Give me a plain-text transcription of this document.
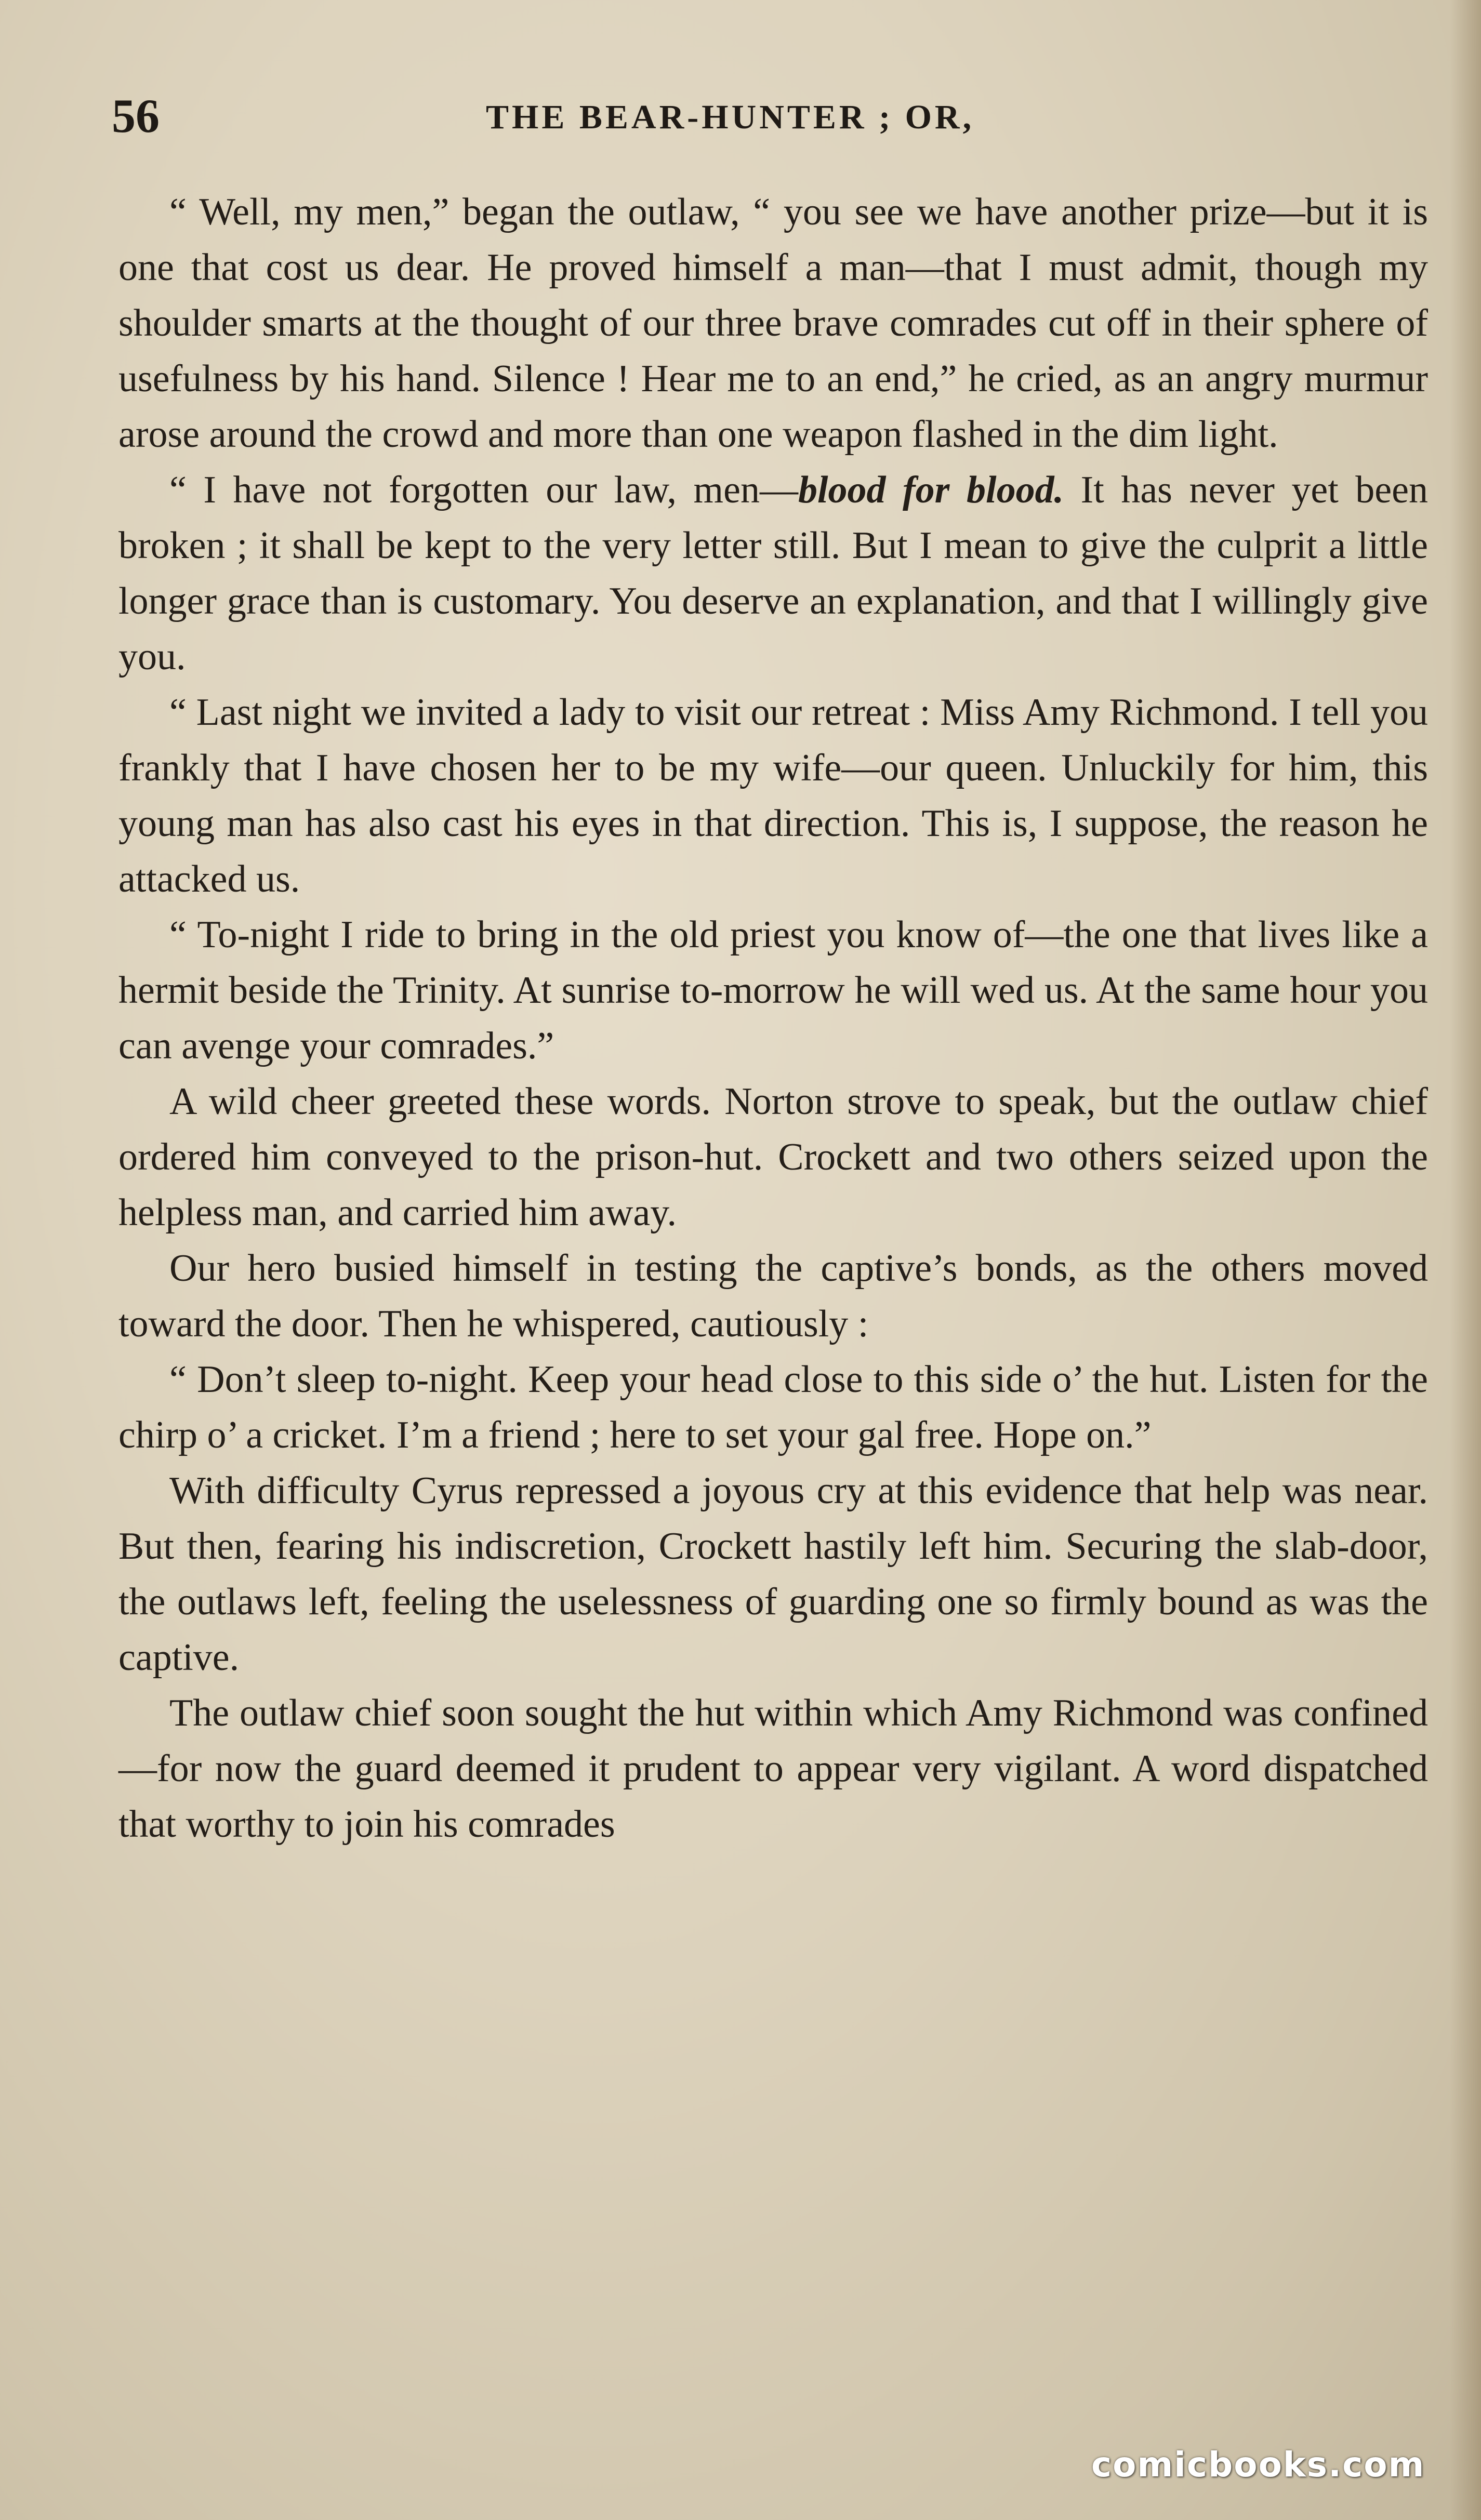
56	THE BEAR-HUNTER ; OR,

“ Well, my men,” began the outlaw, “ you see we have another prize—but it is one that cost us dear. He proved himself a man—that I must admit, though my shoulder smarts at the thought of our three brave comrades cut off in their sphere of usefulness by his hand. Silence ! Hear me to an end,” he cried, as an angry murmur arose around the crowd and more than one weapon flashed in the dim light.

“ I have not forgotten our law, men—blood for blood. It has never yet been broken ; it shall be kept to the very letter still. But I mean to give the culprit a little longer grace than is customary. You deserve an explanation, and that I willingly give you.

“ Last night we invited a lady to visit our retreat : Miss Amy Richmond. I tell you frankly that I have chosen her to be my wife—our queen. Unluckily for him, this young man has also cast his eyes in that direction. This is, I suppose, the reason he attacked us.

“ To-night I ride to bring in the old priest you know of—the one that lives like a hermit beside the Trinity. At sunrise to-morrow he will wed us. At the same hour you can avenge your comrades.”

A wild cheer greeted these words. Norton strove to speak, but the outlaw chief ordered him conveyed to the prison-hut. Crockett and two others seized upon the helpless man, and carried him away.

Our hero busied himself in testing the captive’s bonds, as the others moved toward the door. Then he whispered, cautiously :

“ Don’t sleep to-night. Keep your head close to this side o’ the hut. Listen for the chirp o’ a cricket. I’m a friend ; here to set your gal free. Hope on.”

With difficulty Cyrus repressed a joyous cry at this evidence that help was near. But then, fearing his indiscretion, Crockett hastily left him. Securing the slab-door, the outlaws left, feeling the uselessness of guarding one so firmly bound as was the captive.

The outlaw chief soon sought the hut within which Amy Richmond was confined—for now the guard deemed it prudent to appear very vigilant. A word dispatched that worthy to join his comrades

comicbooks.com
